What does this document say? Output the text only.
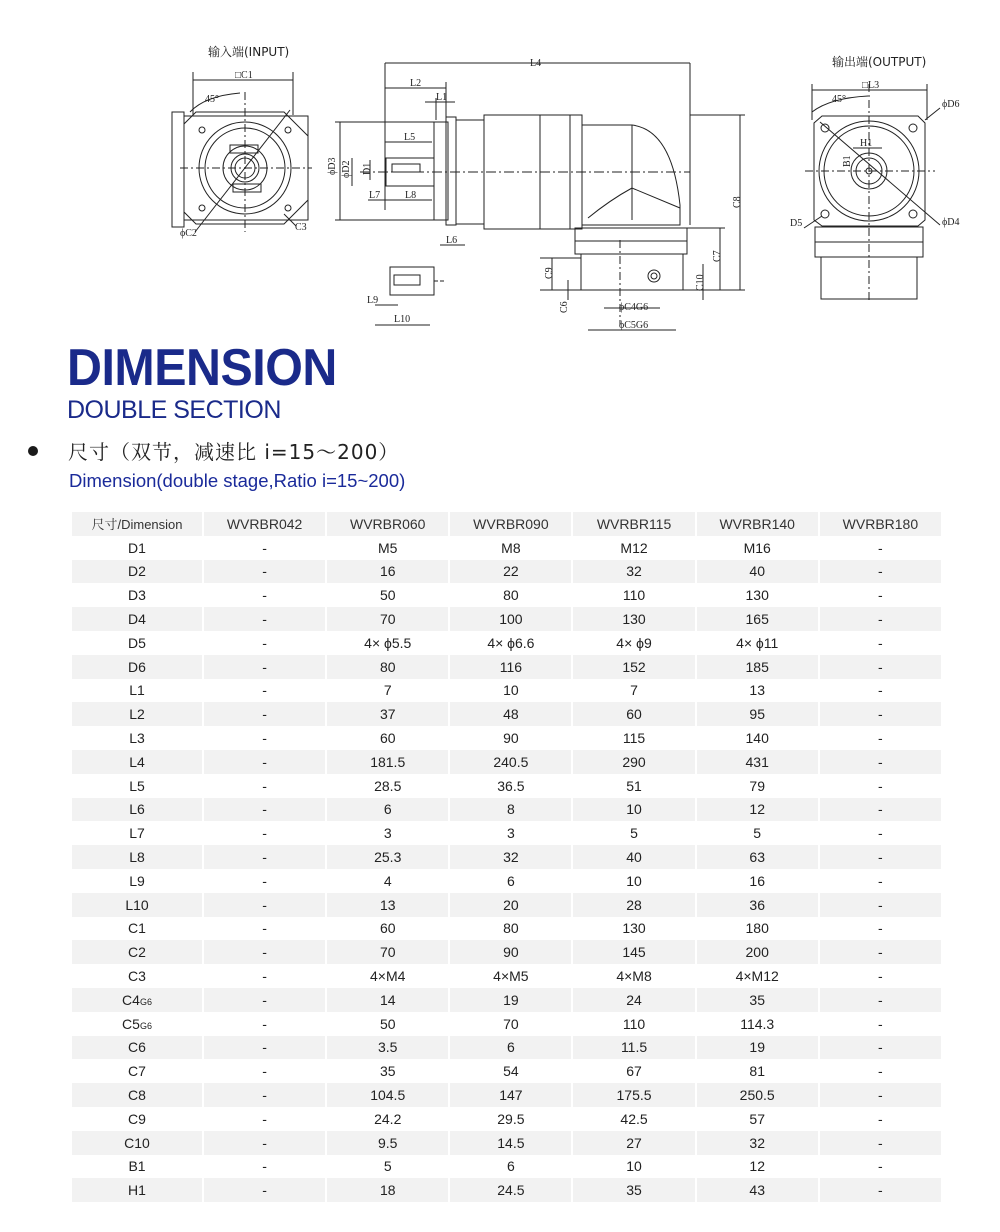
输入端(INPUT)
□C1
45°
ϕC2
C3
L4
L2
L1
ϕD3 ϕD2 D1
L5
L7 L8
L6
C9
C6	ϕC4G6
ϕC5G6
C10
C7
C8
L9
L10
输出端(OUTPUT)
□L3
45°	ϕD6
ϕD4
D5
H1
B1
DIMENSION
DOUBLE SECTION
尺寸（双节，减速比 i=15～200）
Dimension(double stage,Ratio i=15~200)
尺寸/Dimension	WVRBR042	WVRBR060	WVRBR090	WVRBR115	WVRBR140	WVRBR180
D1	-	M5	M8	M12	M16	-
D2	-	16	22	32	40	-
D3	-	50	80	110	130	-
D4	-	70	100	130	165	-
D5	-	4× ϕ5.5	4× ϕ6.6	4× ϕ9	4× ϕ11	-
D6	-	80	116	152	185	-
L1	-	7	10	7	13	-
L2	-	37	48	60	95	-
L3	-	60	90	115	140	-
L4	-	181.5	240.5	290	431	-
L5	-	28.5	36.5	51	79	-
L6	-	6	8	10	12	-
L7	-	3	3	5	5	-
L8	-	25.3	32	40	63	-
L9	-	4	6	10	16	-
L10	-	13	20	28	36	-
C1	-	60	80	130	180	-
C2	-	70	90	145	200	-
C3	-	4×M4	4×M5	4×M8	4×M12	-
C4G6	-	14	19	24	35	-
C5G6	-	50	70	110	114.3	-
C6	-	3.5	6	11.5	19	-
C7	-	35	54	67	81	-
C8	-	104.5	147	175.5	250.5	-
C9	-	24.2	29.5	42.5	57	-
C10	-	9.5	14.5	27	32	-
B1	-	5	6	10	12	-
H1	-	18	24.5	35	43	-
